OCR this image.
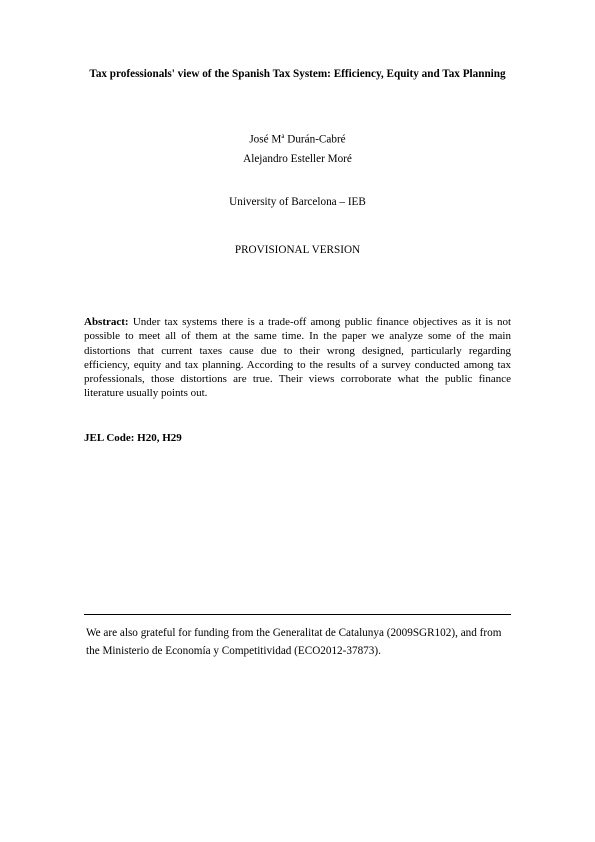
Tax professionals' view of the Spanish Tax System: Efficiency, Equity and Tax Planning
José $M^a$ Durán-Cabré
Alejandro Esteller Moré
University of Barcelona – IEB
PROVISIONAL VERSION
Abstract: Under tax systems there is a trade-off among public finance objectives as it is not possible to meet all of them at the same time. In the paper we analyze some of the main distortions that current taxes cause due to their wrong designed, particularly regarding efficiency, equity and tax planning. According to the results of a survey conducted among tax professionals, those distortions are true. Their views corroborate what the public finance literature usually points out.
JEL Code: H20, H29
We are also grateful for funding from the Generalitat de Catalunya (2009SGR102), and from the Ministerio de Economía y Competitividad (ECO2012-37873).
